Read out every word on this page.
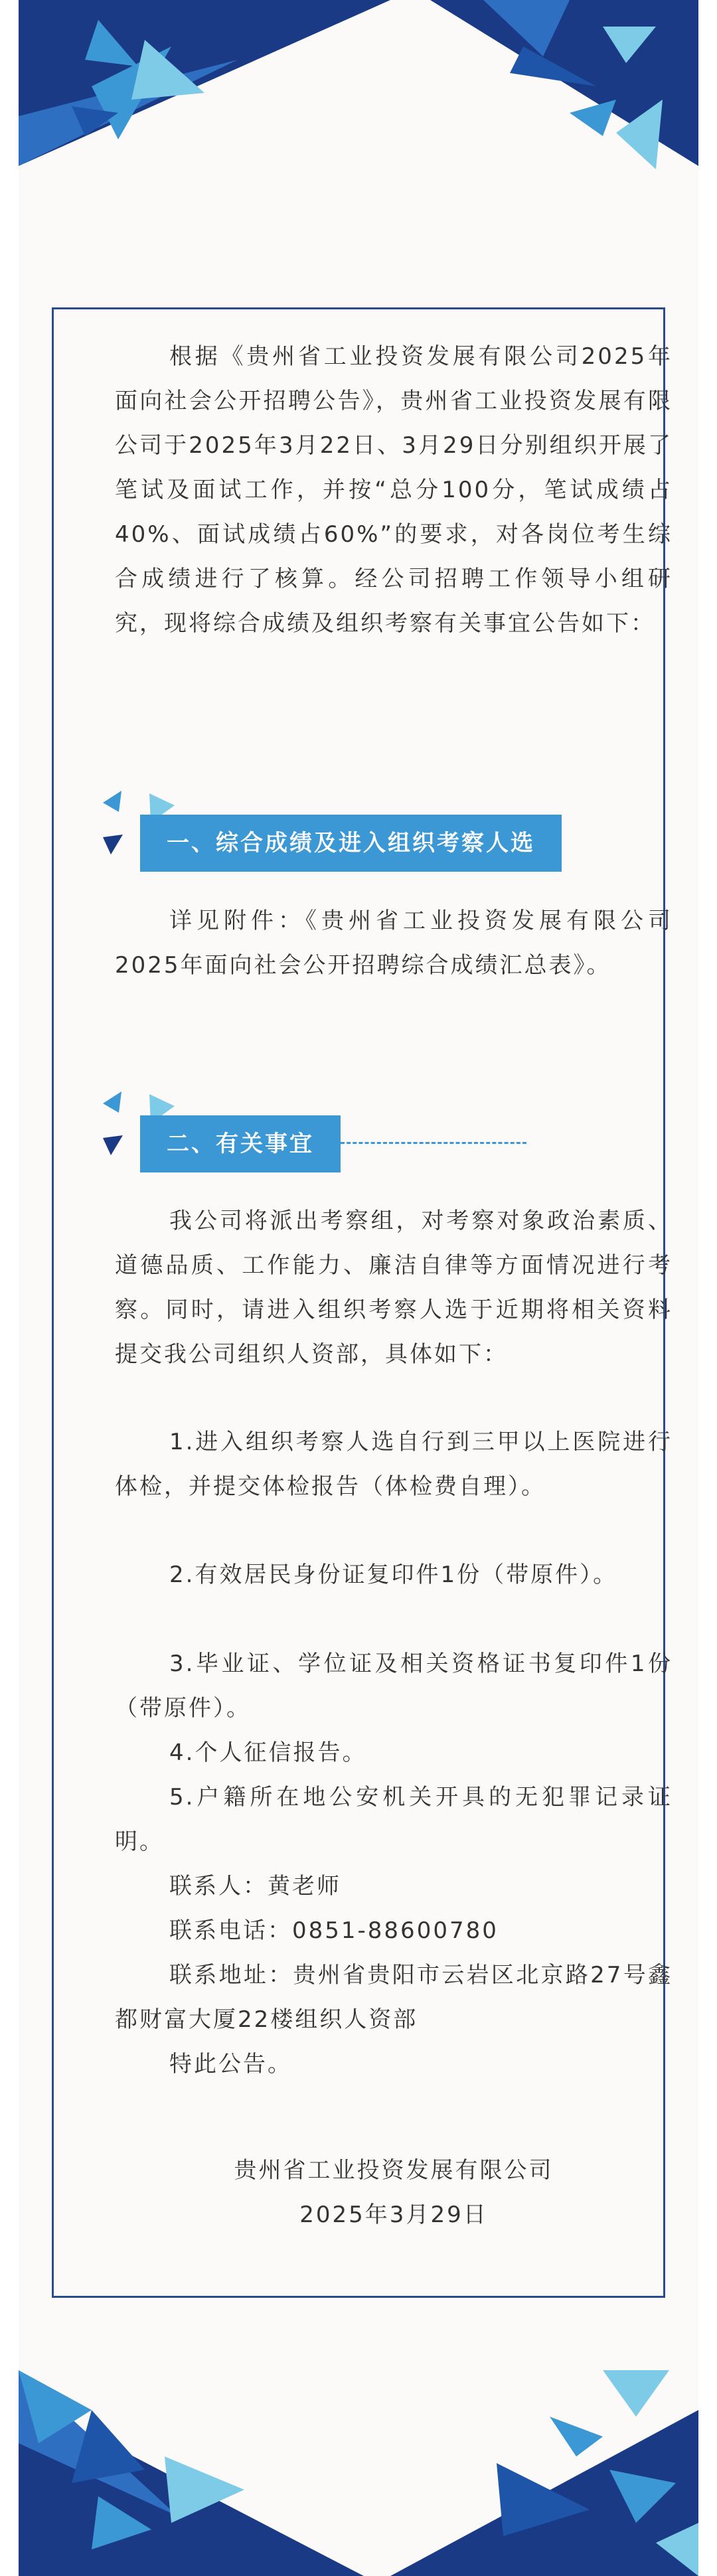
根据《贵州省工业投资发展有限公司2025年面向社会公开招聘公告》，贵州省工业投资发展有限公司于2025年3月22日、3月29日分别组织开展了笔试及面试工作，并按“总分100分，笔试成绩占40%、面试成绩占60%”的要求，对各岗位考生综合成绩进行了核算。经公司招聘工作领导小组研究，现将综合成绩及组织考察有关事宜公告如下：

一、综合成绩及进入组织考察人选

详见附件：《贵州省工业投资发展有限公司2025年面向社会公开招聘综合成绩汇总表》。

二、有关事宜

我公司将派出考察组，对考察对象政治素质、道德品质、工作能力、廉洁自律等方面情况进行考察。同时，请进入组织考察人选于近期将相关资料提交我公司组织人资部，具体如下：

1.进入组织考察人选自行到三甲以上医院进行体检，并提交体检报告（体检费自理）。

2.有效居民身份证复印件1份（带原件）。

3.毕业证、学位证及相关资格证书复印件1份（带原件）。

4.个人征信报告。

5.户籍所在地公安机关开具的无犯罪记录证明。

联系人：黄老师

联系电话：0851-88600780

联系地址：贵州省贵阳市云岩区北京路27号鑫都财富大厦22楼组织人资部

特此公告。

贵州省工业投资发展有限公司

2025年3月29日
